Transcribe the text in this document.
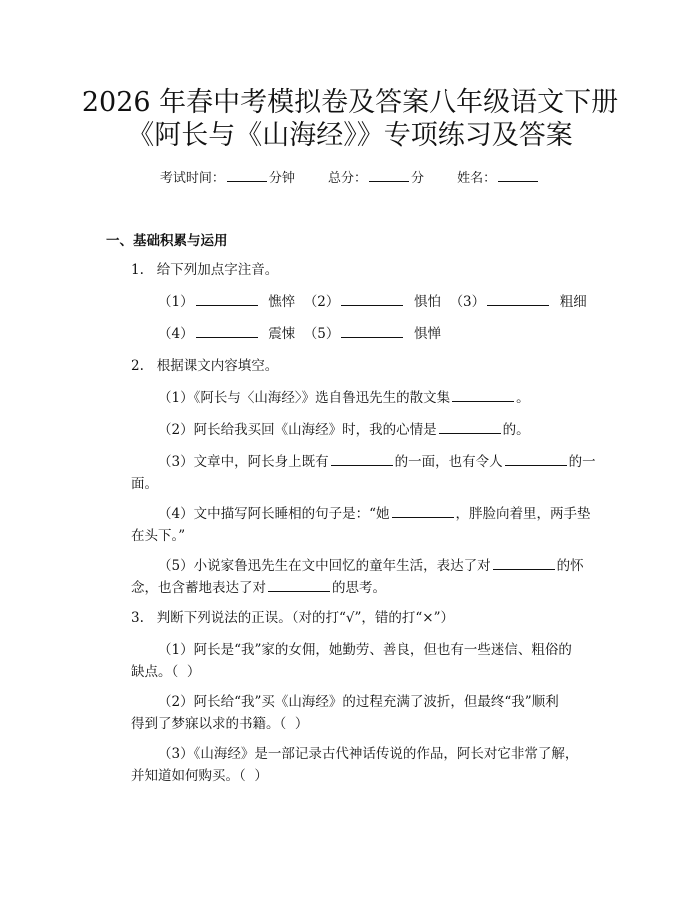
2026 年春中考模拟卷及答案八年级语文下册
《阿长与《山海经》》专项练习及答案
考试时间：	分钟	总分：	分	姓名：
一、基础积累与运用
1.   给下列加点字注音。
（1）	憔悴 （2）	惧怕 （3）	粗细
（4）	震悚 （5）	惧惮
2.   根据课文内容填空。
（1）《阿长与〈山海经〉》选自鲁迅先生的散文集	。
（2）阿长给我买回《山海经》时，我的心情是	的。
（3）文章中，阿长身上既有	的一面，也有令人	的一
面。
（4）文中描写阿长睡相的句子是：“她	，胖脸向着里，两手垫
在头下。”
（5）小说家鲁迅先生在文中回忆的童年生活，表达了对	的怀
念，也含蓄地表达了对	的思考。
3.   判断下列说法的正误。（对的打“√”，错的打“×”）
（1）阿长是“我”家的女佣，她勤劳、善良，但也有一些迷信、粗俗的
缺点。（  ）
（2）阿长给“我”买《山海经》的过程充满了波折，但最终“我”顺利
得到了梦寐以求的书籍。（  ）
（3）《山海经》是一部记录古代神话传说的作品，阿长对它非常了解，
并知道如何购买。（  ）
